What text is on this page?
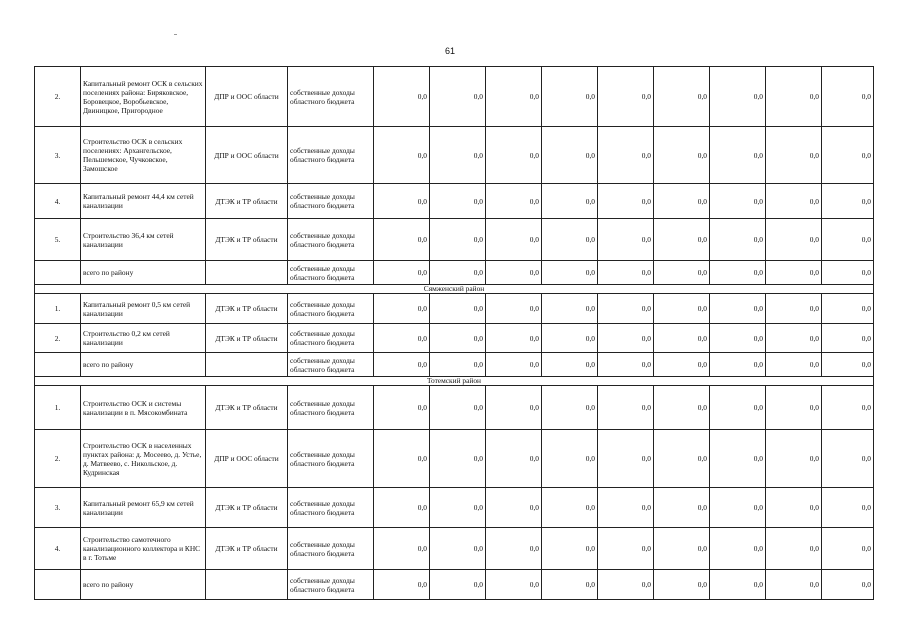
61
2.	Капитальный ремонт ОСК в сельских поселениях района: Биряковское, Боровецкое, Воробьевское, Двиницкое, Пригородное	ДПР и ООС области	собственные доходы областного бюджета	0,0	0,0	0,0	0,0	0,0	0,0	0,0	0,0	0,0
3.	Строительство ОСК в сельских поселениях: Архангельское, Пельшемское, Чучковское, Замошское	ДПР и ООС области	собственные доходы областного бюджета	0,0	0,0	0,0	0,0	0,0	0,0	0,0	0,0	0,0
4.	Капитальный ремонт 44,4 км сетей канализации	ДТЭК и ТР области	собственные доходы областного бюджета	0,0	0,0	0,0	0,0	0,0	0,0	0,0	0,0	0,0
5.	Строительство 36,4 км сетей канализации	ДТЭК и ТР области	собственные доходы областного бюджета	0,0	0,0	0,0	0,0	0,0	0,0	0,0	0,0	0,0
	всего по району		собственные доходы областного бюджета	0,0	0,0	0,0	0,0	0,0	0,0	0,0	0,0	0,0
Сямженский район												
1.	Капитальный ремонт 0,5 км сетей канализации	ДТЭК и ТР области	собственные доходы областного бюджета	0,0	0,0	0,0	0,0	0,0	0,0	0,0	0,0	0,0
2.	Строительство 0,2 км сетей канализации	ДТЭК и ТР области	собственные доходы областного бюджета	0,0	0,0	0,0	0,0	0,0	0,0	0,0	0,0	0,0
	всего по району		собственные доходы областного бюджета	0,0	0,0	0,0	0,0	0,0	0,0	0,0	0,0	0,0
Тотемский район												
1.	Строительство ОСК и системы канализации в п. Мясокомбината	ДТЭК и ТР области	собственные доходы областного бюджета	0,0	0,0	0,0	0,0	0,0	0,0	0,0	0,0	0,0
2.	Строительство ОСК в населенных пунктах района: д. Мосеево, д. Устье, д. Матвеево, с. Никольское, д. Кудринская	ДПР и ООС области	собственные доходы областного бюджета	0,0	0,0	0,0	0,0	0,0	0,0	0,0	0,0	0,0
3.	Капитальный ремонт 65,9 км сетей канализации	ДТЭК и ТР области	собственные доходы областного бюджета	0,0	0,0	0,0	0,0	0,0	0,0	0,0	0,0	0,0
4.	Строительство самотечного канализационного коллектора и КНС в г. Тотьме	ДТЭК и ТР области	собственные доходы областного бюджета	0,0	0,0	0,0	0,0	0,0	0,0	0,0	0,0	0,0
	всего по району		собственные доходы областного бюджета	0,0	0,0	0,0	0,0	0,0	0,0	0,0	0,0	0,0
